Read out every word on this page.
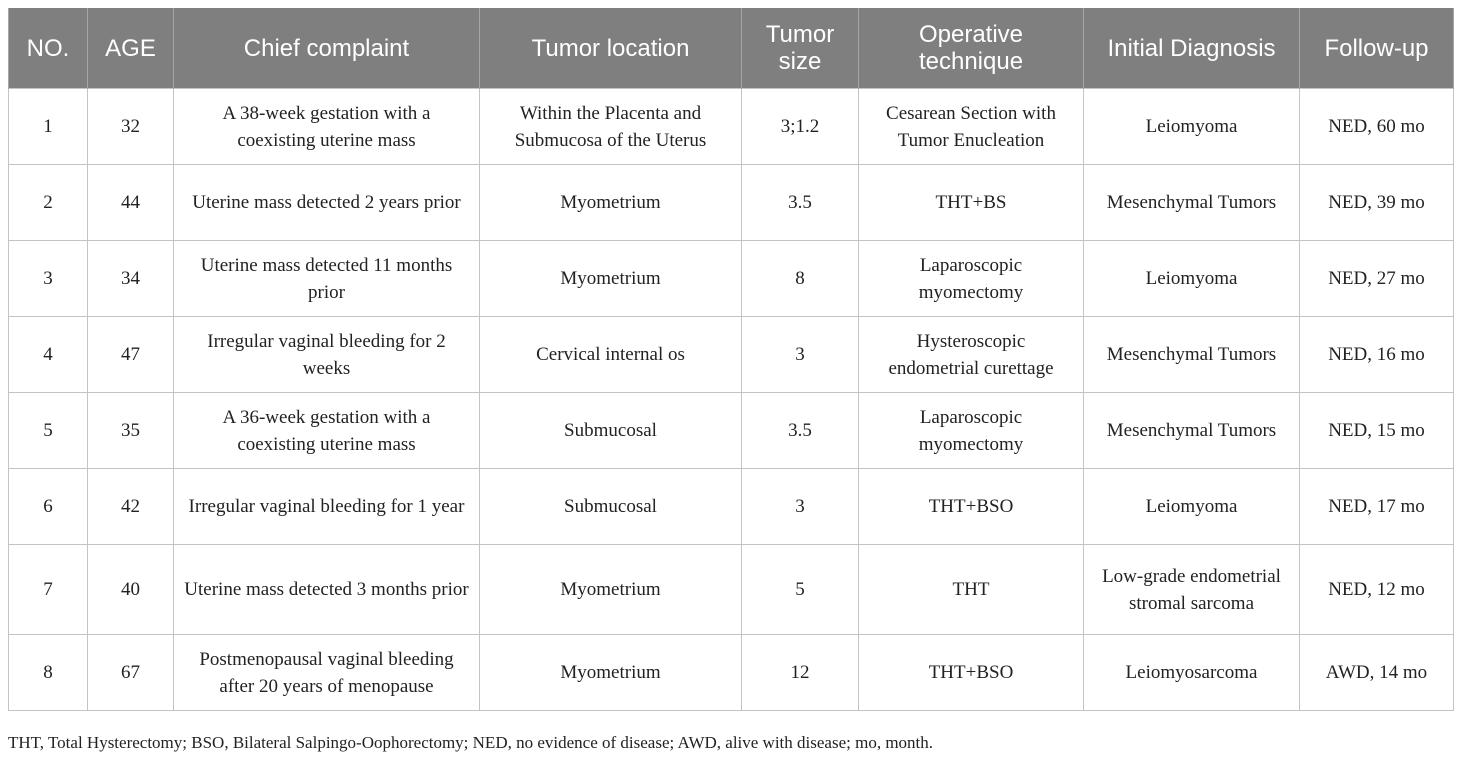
NO.	AGE	Chief complaint	Tumor location	Tumor size	Operative technique	Initial Diagnosis	Follow-up
1	32	A 38-week gestation with a coexisting uterine mass	Within the Placenta and Submucosa of the Uterus	3;1.2	Cesarean Section with Tumor Enucleation	Leiomyoma	NED, 60 mo
2	44	Uterine mass detected 2 years prior	Myometrium	3.5	THT+BS	Mesenchymal Tumors	NED, 39 mo
3	34	Uterine mass detected 11 months prior	Myometrium	8	Laparoscopic myomectomy	Leiomyoma	NED, 27 mo
4	47	Irregular vaginal bleeding for 2 weeks	Cervical internal os	3	Hysteroscopic endometrial curettage	Mesenchymal Tumors	NED, 16 mo
5	35	A 36-week gestation with a coexisting uterine mass	Submucosal	3.5	Laparoscopic myomectomy	Mesenchymal Tumors	NED, 15 mo
6	42	Irregular vaginal bleeding for 1 year	Submucosal	3	THT+BSO	Leiomyoma	NED, 17 mo
7	40	Uterine mass detected 3 months prior	Myometrium	5	THT	Low-grade endometrial stromal sarcoma	NED, 12 mo
8	67	Postmenopausal vaginal bleeding after 20 years of menopause	Myometrium	12	THT+BSO	Leiomyosarcoma	AWD, 14 mo
THT, Total Hysterectomy; BSO, Bilateral Salpingo-Oophorectomy; NED, no evidence of disease; AWD, alive with disease; mo, month.
